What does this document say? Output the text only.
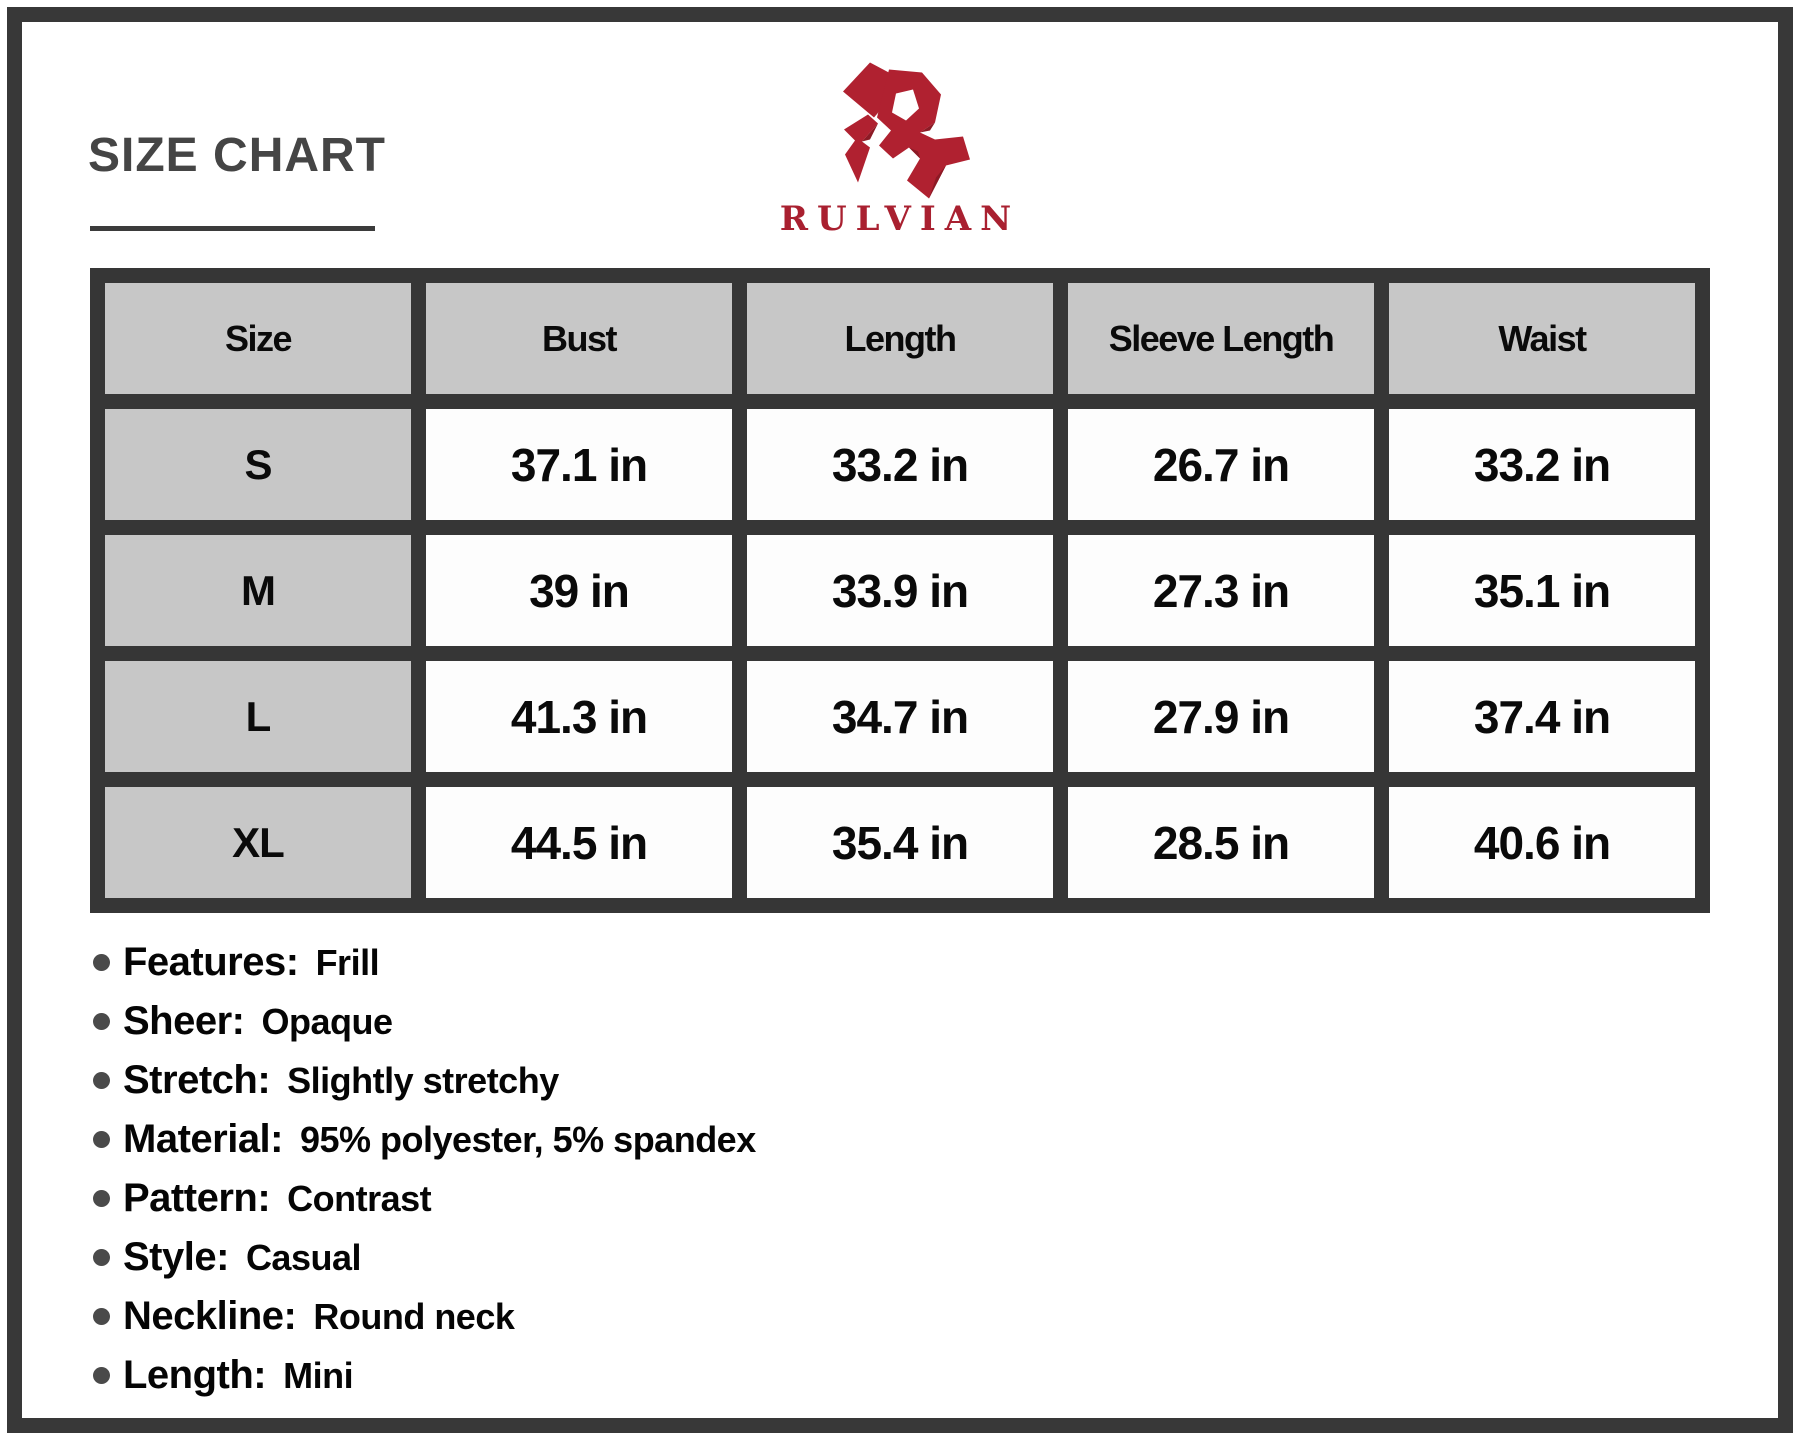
SIZE CHART
RULVIAN
Size	Bust	Length	Sleeve Length	Waist
S	37.1 in	33.2 in	26.7 in	33.2 in
M	39 in	33.9 in	27.3 in	35.1 in
L	41.3 in	34.7 in	27.9 in	37.4 in
XL	44.5 in	35.4 in	28.5 in	40.6 in
Features: Frill
Sheer: Opaque
Stretch: Slightly stretchy
Material: 95% polyester, 5% spandex
Pattern: Contrast
Style: Casual
Neckline: Round neck
Length: Mini
